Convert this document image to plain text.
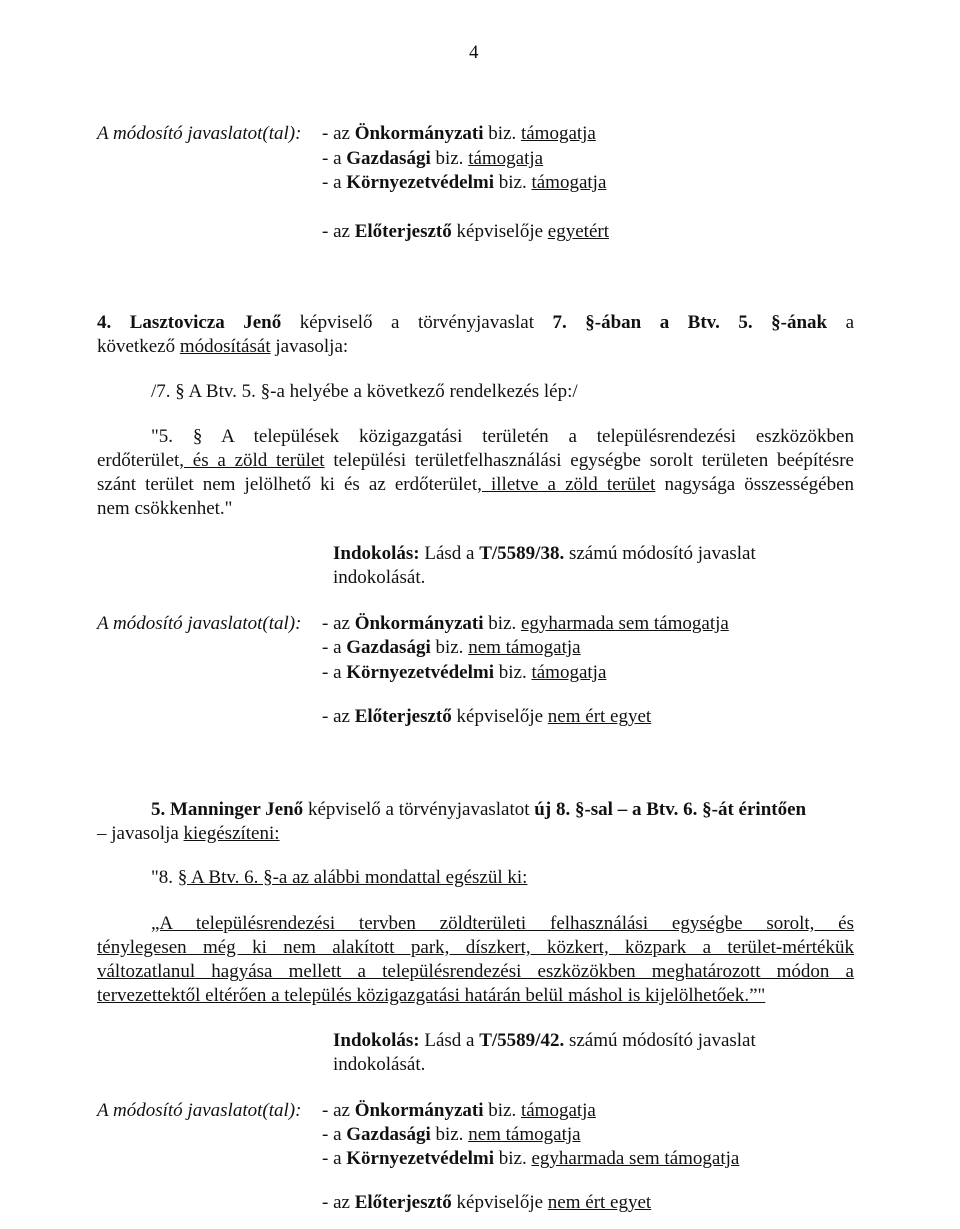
4
A módosító javaslatot(tal): - az Önkormányzati biz. támogatja
- a Gazdasági biz. támogatja
- a Környezetvédelmi biz. támogatja
- az Előterjesztő képviselője egyetért
4. Lasztovicza Jenő képviselő a törvényjavaslat 7. §-ában a Btv. 5. §-ának a
következő módosítását javasolja:
/7. § A Btv. 5. §-a helyébe a következő rendelkezés lép:/
"5. § A települések közigazgatási területén a településrendezési eszközökben
erdőterület, és a zöld terület települési területfelhasználási egységbe sorolt területen beépítésre
szánt terület nem jelölhető ki és az erdőterület, illetve a zöld terület nagysága összességében
nem csökkenhet."
Indokolás: Lásd a T/5589/38. számú módosító javaslat
indokolását.
A módosító javaslatot(tal): - az Önkormányzati biz. egyharmada sem támogatja
- a Gazdasági biz. nem támogatja
- a Környezetvédelmi biz. támogatja
- az Előterjesztő képviselője nem ért egyet
5. Manninger Jenő képviselő a törvényjavaslatot új 8. §-sal – a Btv. 6. §-át érintően
– javasolja kiegészíteni:
"8. § A Btv. 6. §-a az alábbi mondattal egészül ki:
„A településrendezési tervben zöldterületi felhasználási egységbe sorolt, és
ténylegesen még ki nem alakított park, díszkert, közkert, közpark a terület-mértékük
változatlanul hagyása mellett a településrendezési eszközökben meghatározott módon a
tervezettektől eltérően a település közigazgatási határán belül máshol is kijelölhetőek.”"
Indokolás: Lásd a T/5589/42. számú módosító javaslat
indokolását.
A módosító javaslatot(tal): - az Önkormányzati biz. támogatja
- a Gazdasági biz. nem támogatja
- a Környezetvédelmi biz. egyharmada sem támogatja
- az Előterjesztő képviselője nem ért egyet
